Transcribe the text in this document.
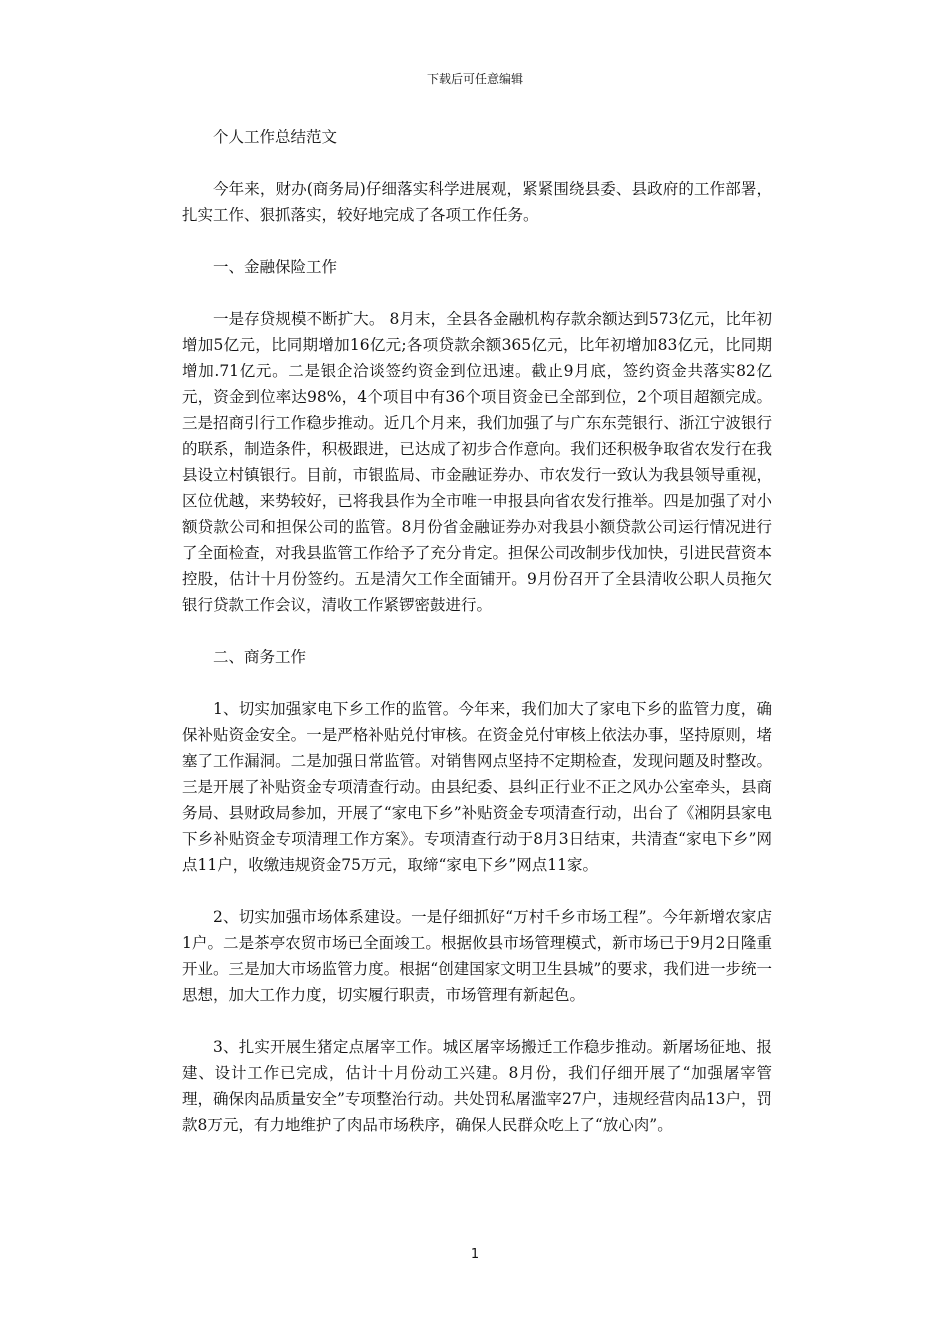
下载后可任意编辑

个人工作总结范文

今年来，财办(商务局)仔细落实科学进展观，紧紧围绕县委、县政府的工作部署，扎实工作、狠抓落实，较好地完成了各项工作任务。

一、金融保险工作

一是存贷规模不断扩大。 8月末，全县各金融机构存款余额达到573亿元，比年初增加5亿元，比同期增加16亿元;各项贷款余额365亿元，比年初增加83亿元，比同期增加.71亿元。二是银企洽谈签约资金到位迅速。截止9月底，签约资金共落实82亿元，资金到位率达98%，4个项目中有36个项目资金已全部到位，2个项目超额完成。三是招商引行工作稳步推动。近几个月来，我们加强了与广东东莞银行、浙江宁波银行的联系，制造条件，积极跟进，已达成了初步合作意向。我们还积极争取省农发行在我县设立村镇银行。目前，市银监局、市金融证券办、市农发行一致认为我县领导重视，区位优越，来势较好，已将我县作为全市唯一申报县向省农发行推举。四是加强了对小额贷款公司和担保公司的监管。8月份省金融证券办对我县小额贷款公司运行情况进行了全面检查，对我县监管工作给予了充分肯定。担保公司改制步伐加快，引进民营资本控股，估计十月份签约。五是清欠工作全面铺开。9月份召开了全县清收公职人员拖欠银行贷款工作会议，清收工作紧锣密鼓进行。

二、商务工作

1、切实加强家电下乡工作的监管。今年来，我们加大了家电下乡的监管力度，确保补贴资金安全。一是严格补贴兑付审核。在资金兑付审核上依法办事，坚持原则，堵塞了工作漏洞。二是加强日常监管。对销售网点坚持不定期检查，发现问题及时整改。三是开展了补贴资金专项清查行动。由县纪委、县纠正行业不正之风办公室牵头，县商务局、县财政局参加，开展了“家电下乡”补贴资金专项清查行动，出台了《湘阴县家电下乡补贴资金专项清理工作方案》。专项清查行动于8月3日结束，共清查“家电下乡”网点11户，收缴违规资金75万元，取缔“家电下乡”网点11家。

2、切实加强市场体系建设。一是仔细抓好“万村千乡市场工程”。今年新增农家店1户。二是茶亭农贸市场已全面竣工。根据攸县市场管理模式，新市场已于9月2日隆重开业。三是加大市场监管力度。根据“创建国家文明卫生县城”的要求，我们进一步统一思想，加大工作力度，切实履行职责，市场管理有新起色。

3、扎实开展生猪定点屠宰工作。城区屠宰场搬迁工作稳步推动。新屠场征地、报建、设计工作已完成，估计十月份动工兴建。8月份，我们仔细开展了“加强屠宰管理，确保肉品质量安全”专项整治行动。共处罚私屠滥宰27户，违规经营肉品13户，罚款8万元，有力地维护了肉品市场秩序，确保人民群众吃上了“放心肉”。

1
